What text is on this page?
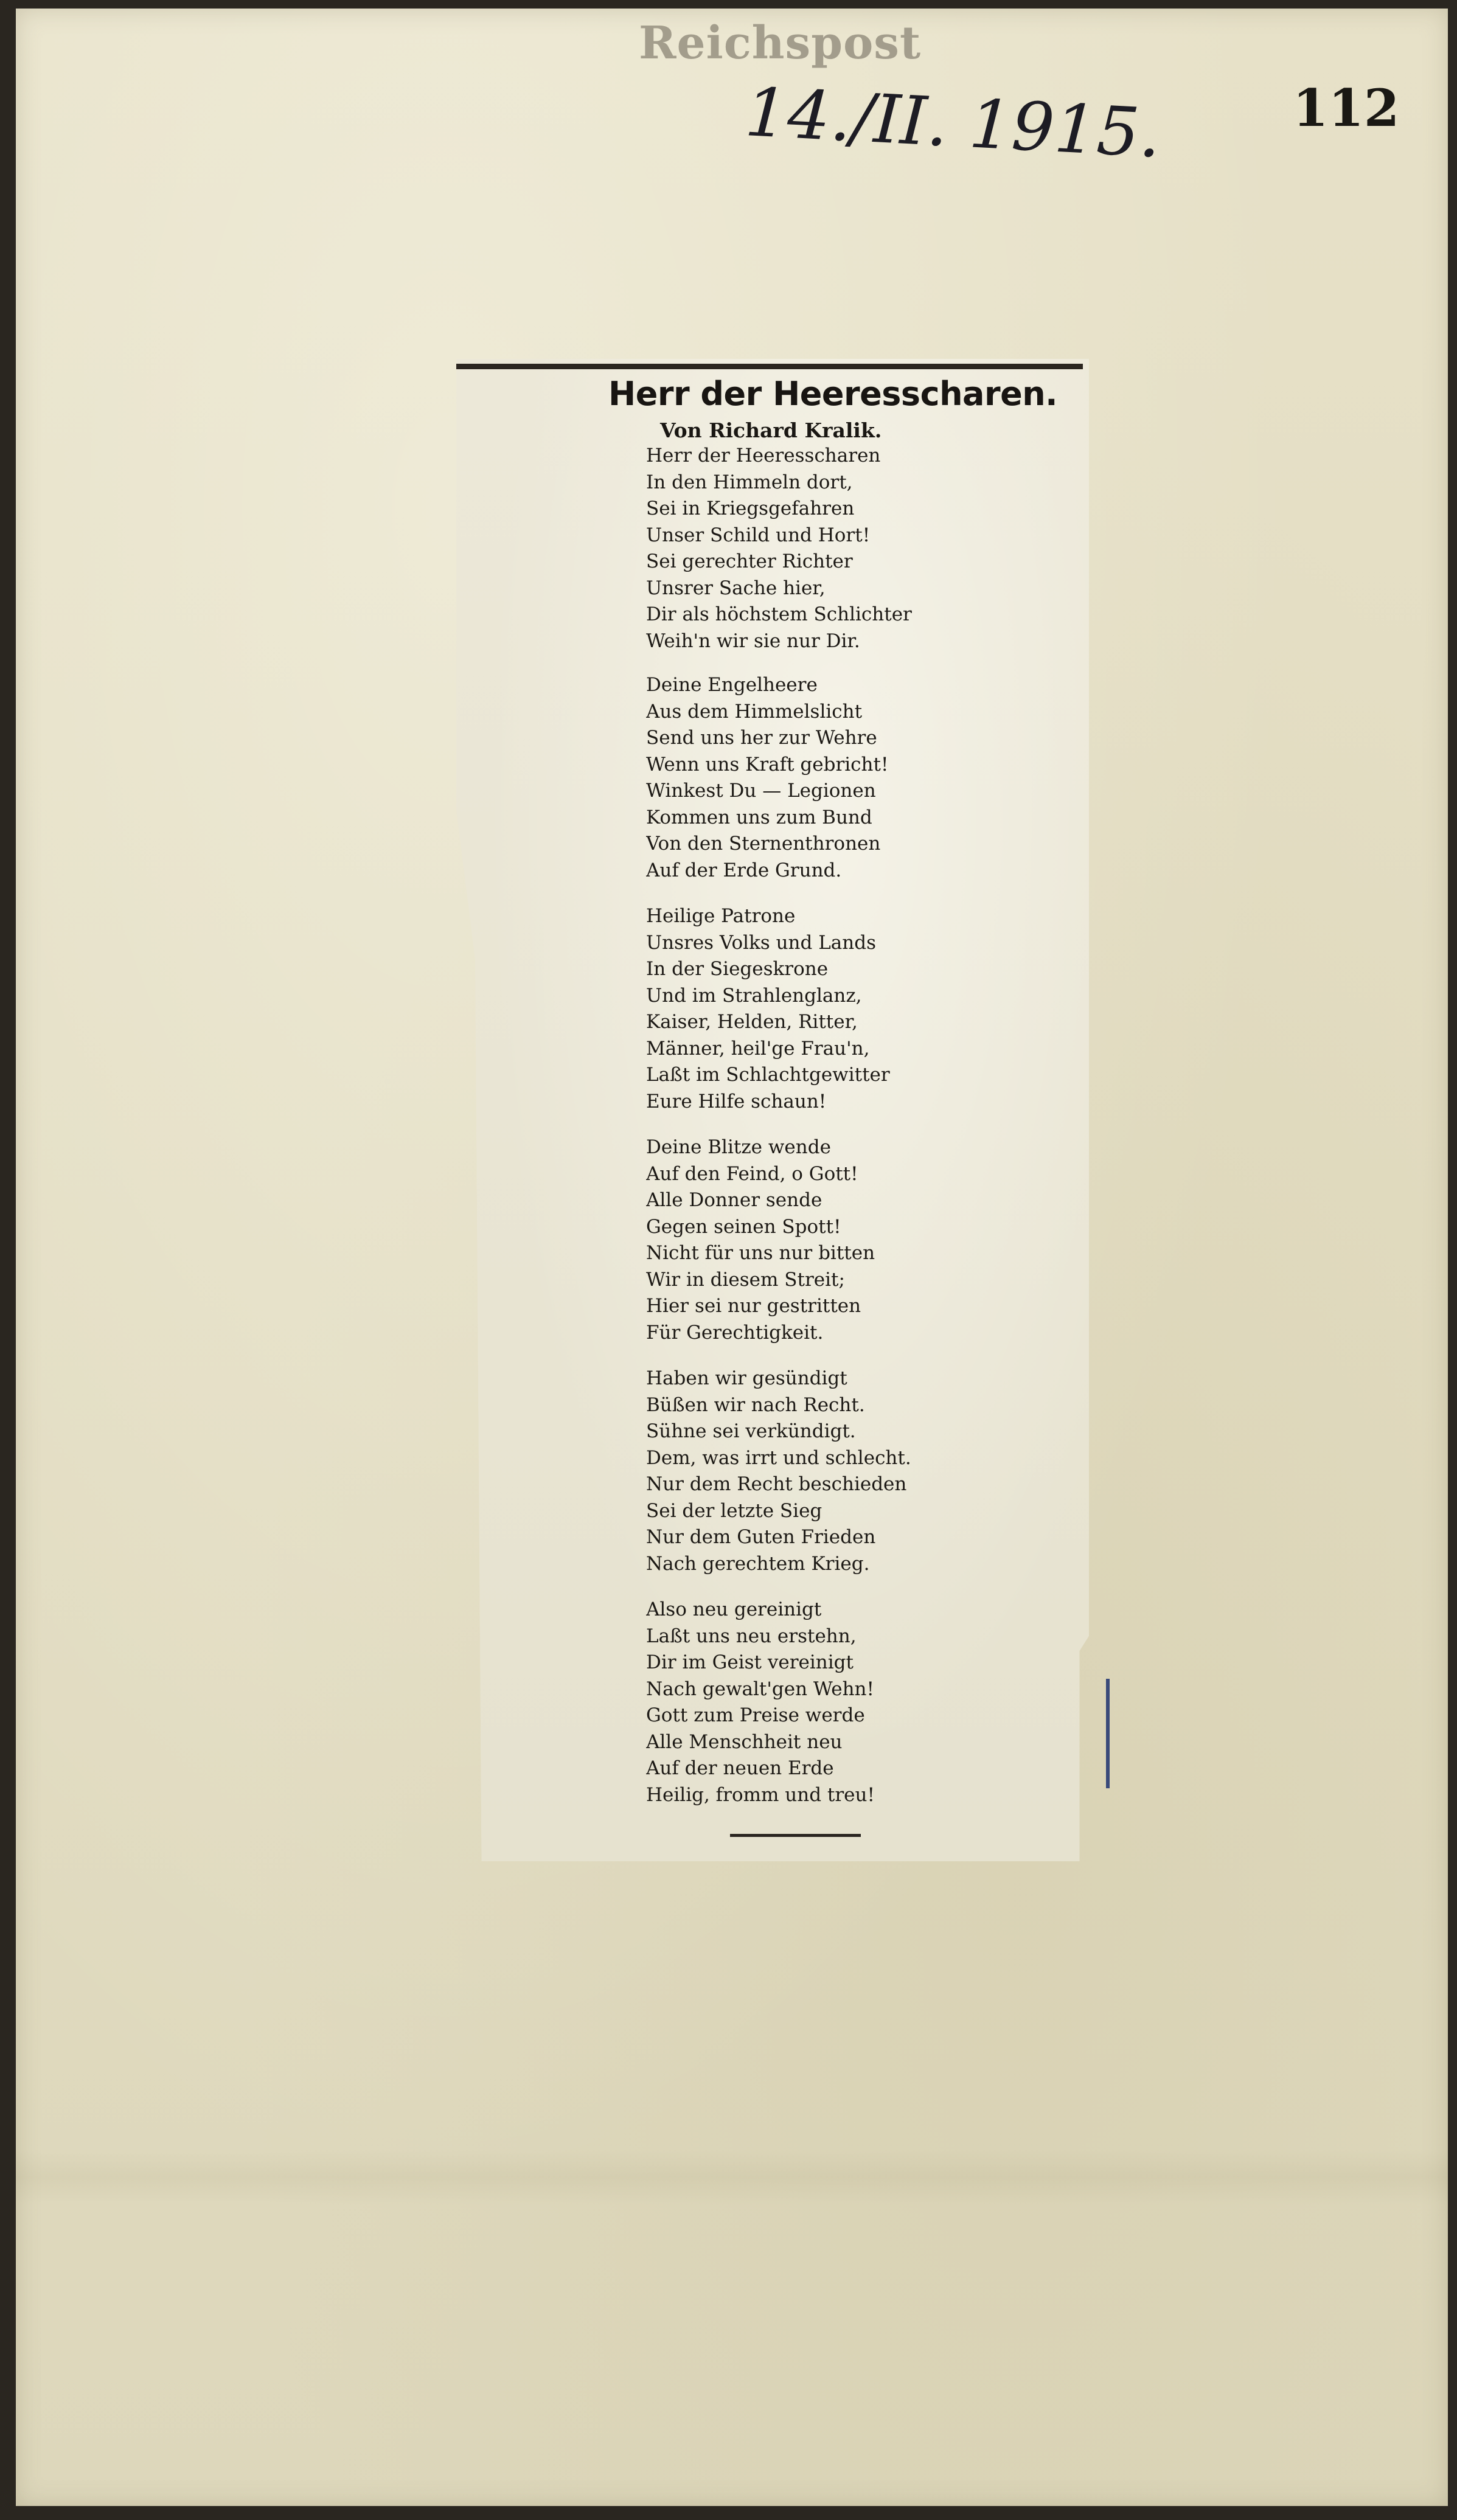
Reichspost
14./II. 1915.	112
Herr der Heeresscharen.
Von Richard Kralik.
Herr der Heeresscharen
In den Himmeln dort,
Sei in Kriegsgefahren
Unser Schild und Hort!
Sei gerechter Richter
Unsrer Sache hier,
Dir als höchstem Schlichter
Weih'n wir sie nur Dir.
Deine Engelheere
Aus dem Himmelslicht
Send uns her zur Wehre
Wenn uns Kraft gebricht!
Winkest Du — Legionen
Kommen uns zum Bund
Von den Sternenthronen
Auf der Erde Grund.
Heilige Patrone
Unsres Volks und Lands
In der Siegeskrone
Und im Strahlenglanz,
Kaiser, Helden, Ritter,
Männer, heil'ge Frau'n,
Laßt im Schlachtgewitter
Eure Hilfe schaun!
Deine Blitze wende
Auf den Feind, o Gott!
Alle Donner sende
Gegen seinen Spott!
Nicht für uns nur bitten
Wir in diesem Streit;
Hier sei nur gestritten
Für Gerechtigkeit.
Haben wir gesündigt
Büßen wir nach Recht.
Sühne sei verkündigt.
Dem, was irrt und schlecht.
Nur dem Recht beschieden
Sei der letzte Sieg
Nur dem Guten Frieden
Nach gerechtem Krieg.
Also neu gereinigt
Laßt uns neu erstehn,
Dir im Geist vereinigt
Nach gewalt'gen Wehn!
Gott zum Preise werde
Alle Menschheit neu
Auf der neuen Erde
Heilig, fromm und treu!
